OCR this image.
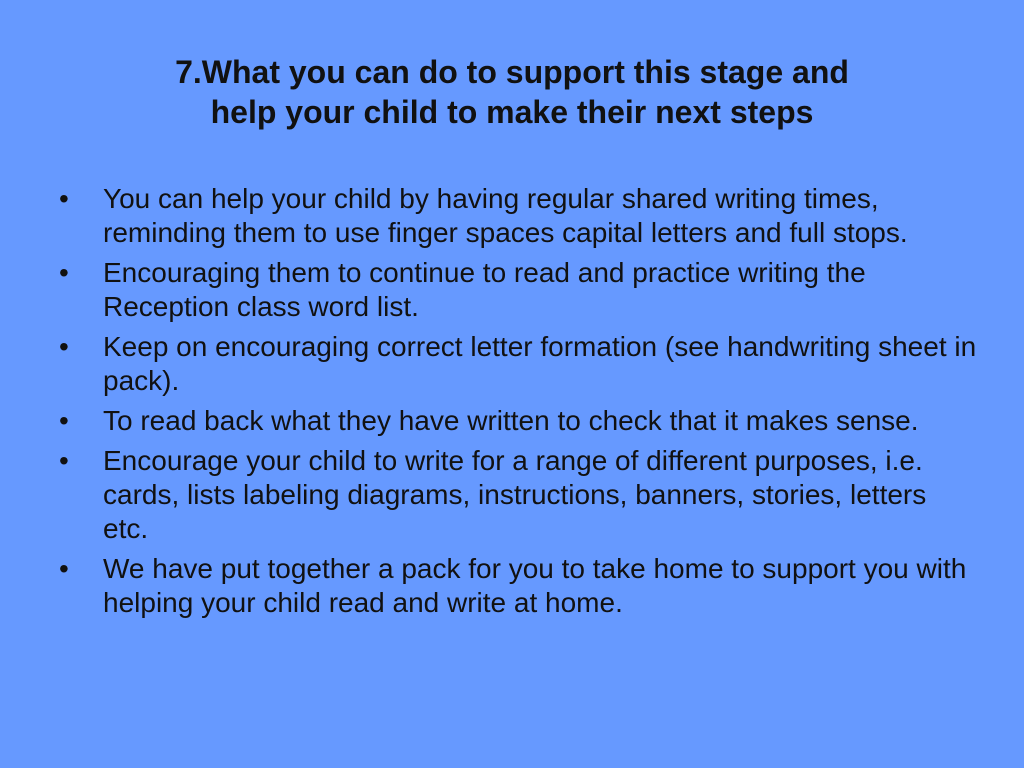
7.What you can do to support this stage and
help your child to make their next steps
•	You can help your child by having regular shared writing times, reminding them to use finger spaces capital letters and full stops.
•	Encouraging them to continue to read and practice writing the Reception class word list.
•	Keep on encouraging correct letter formation (see handwriting sheet in pack).
•	To read back what they have written to check that it makes sense.
•	Encourage your child to write for a range of different purposes, i.e. cards, lists labeling diagrams, instructions, banners, stories, letters etc.
•	We have put together a pack for you to take home to support you with helping your child read and write at home.
